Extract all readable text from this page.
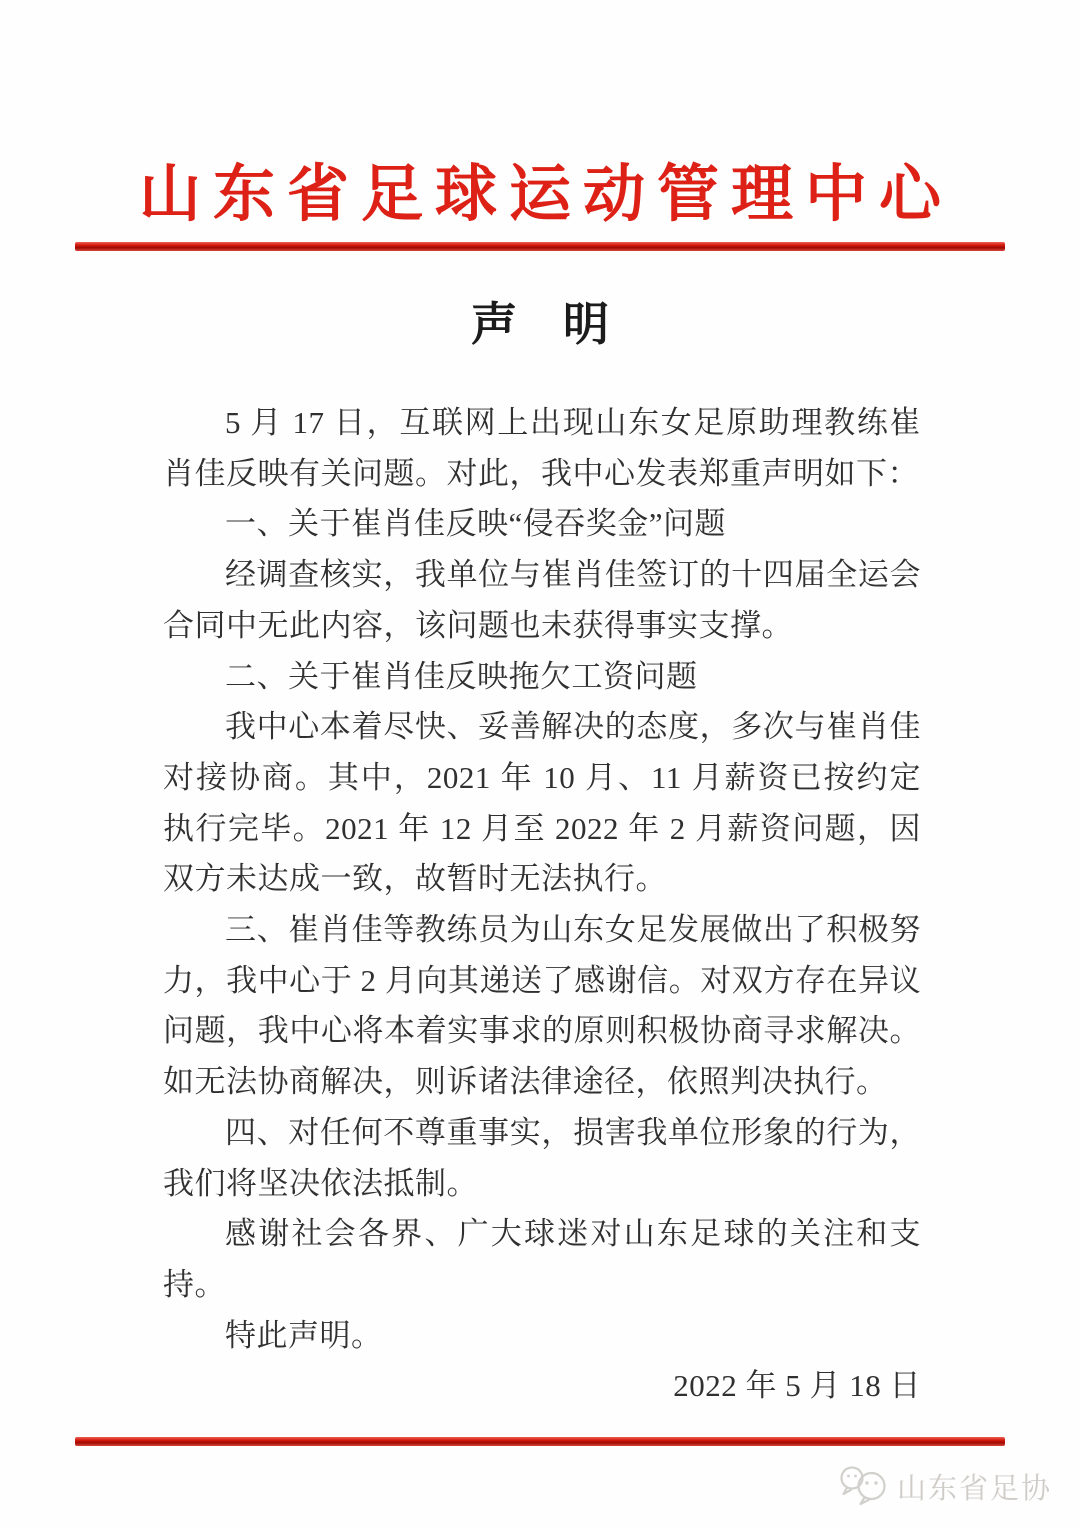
山东省足球运动管理中心
声　明

5 月 17 日，互联网上出现山东女足原助理教练崔肖佳反映有关问题。对此，我中心发表郑重声明如下：

一、关于崔肖佳反映“侵吞奖金”问题

经调查核实，我单位与崔肖佳签订的十四届全运会合同中无此内容，该问题也未获得事实支撑。

二、关于崔肖佳反映拖欠工资问题

我中心本着尽快、妥善解决的态度，多次与崔肖佳对接协商。其中，2021 年 10 月、11 月薪资已按约定执行完毕。2021 年 12 月至 2022 年 2 月薪资问题，因双方未达成一致，故暂时无法执行。

三、崔肖佳等教练员为山东女足发展做出了积极努力，我中心于 2 月向其递送了感谢信。对双方存在异议问题，我中心将本着实事求的原则积极协商寻求解决。如无法协商解决，则诉诸法律途径，依照判决执行。

四、对任何不尊重事实，损害我单位形象的行为，我们将坚决依法抵制。

感谢社会各界、广大球迷对山东足球的关注和支持。

特此声明。

2022 年 5 月 18 日

山东省足协
